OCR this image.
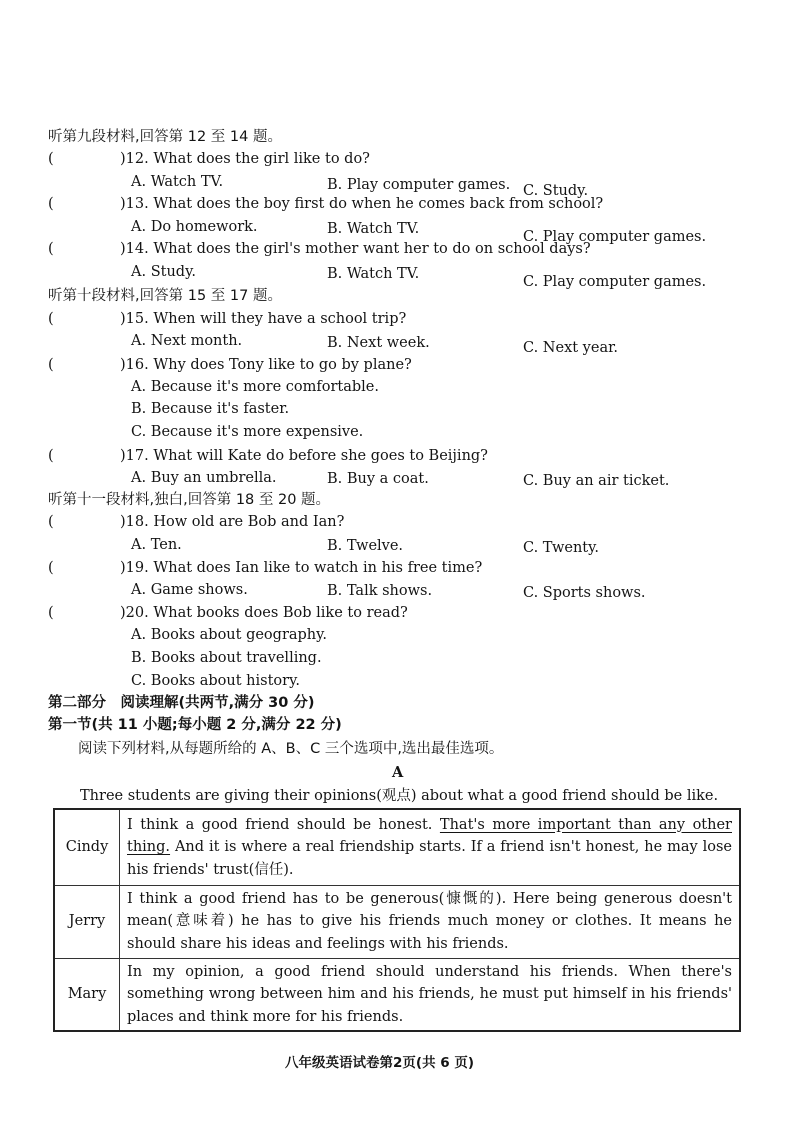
听第九段材料,回答第 12 至 14 题。
(	)12. What does the girl like to do?
A. Watch TV.	B. Play computer games. C. Study.
(	)13. What does the boy first do when he comes back from school?
A. Do homework.	B. Watch TV.	C. Play computer games.
(	)14. What does the girl's mother want her to do on school days?
A. Study.	B. Watch TV.	C. Play computer games.
听第十段材料,回答第 15 至 17 题。
(	)15. When will they have a school trip?
A. Next month.	B. Next week.	C. Next year.
(	)16. Why does Tony like to go by plane?
A. Because it's more comfortable.
B. Because it's faster.
C. Because it's more expensive.
(	)17. What will Kate do before she goes to Beijing?
A. Buy an umbrella.	B. Buy a coat.	C. Buy an air ticket.
听第十一段材料,独白,回答第 18 至 20 题。
(	)18. How old are Bob and Ian?
A. Ten.	B. Twelve.	C. Twenty.
(	)19. What does Ian like to watch in his free time?
A. Game shows.	B. Talk shows.	C. Sports shows.
(	)20. What books does Bob like to read?
A. Books about geography.
B. Books about travelling.
C. Books about history.
第二部分　阅读理解(共两节,满分 30 分)
第一节(共 11 小题;每小题 2 分,满分 22 分)
阅读下列材料,从每题所给的 A、B、C 三个选项中,选出最佳选项。
A
Three students are giving their opinions(观点) about what a good friend should be like.
Cindy	I think a good friend should be honest. That's more important than any other thing. And it is where a real friendship starts. If a friend isn't honest, he may lose his friends' trust(信任).
Jerry	I think a good friend has to be generous(慷慨的). Here being generous doesn't mean(意味着) he has to give his friends much money or clothes. It means he should share his ideas and feelings with his friends.
Mary	In my opinion, a good friend should understand his friends. When there's something wrong between him and his friends, he must put himself in his friends' places and think more for his friends.
八年级英语试卷第2页(共 6 页)
